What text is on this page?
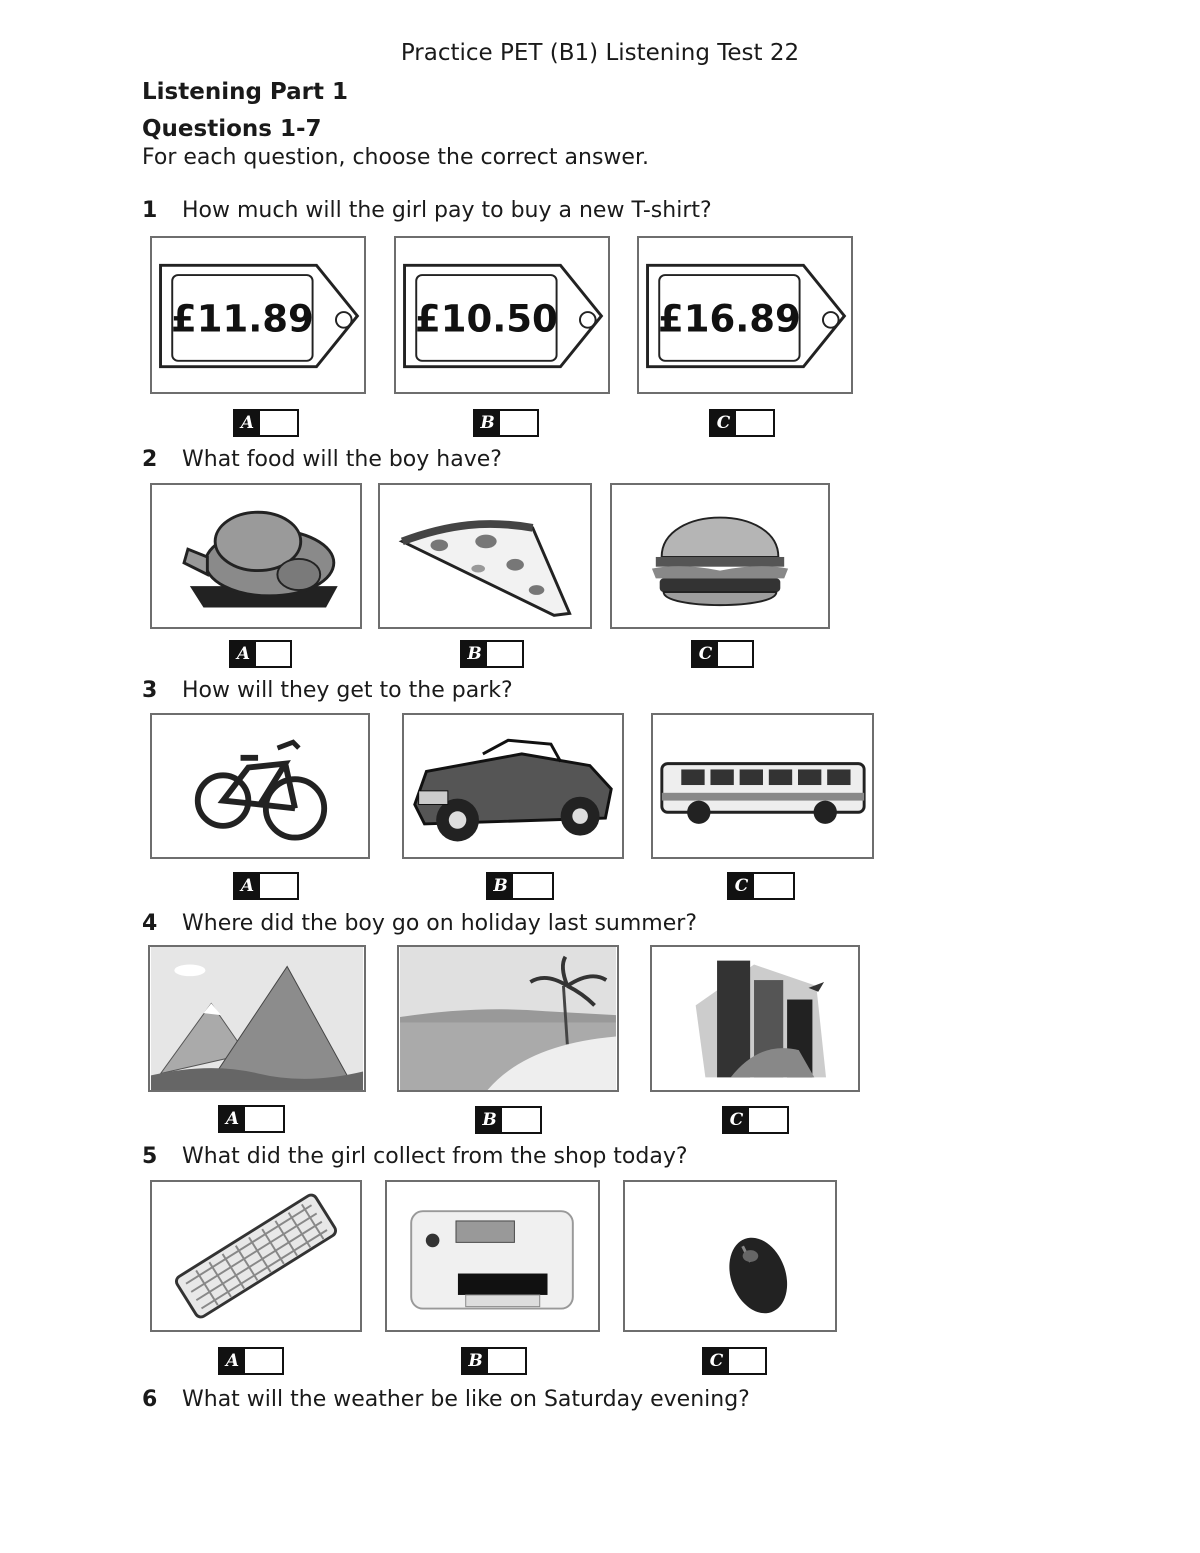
Practice PET (B1) Listening Test 22
Listening Part 1
Questions 1-7
For each question, choose the correct answer.
1 How much will the girl pay to buy a new T-shirt?
£11.89	£10.50	£16.89
A	B	C
2 What food will the boy have?
A	B	C
3 How will they get to the park?
A	B	C
4 Where did the boy go on holiday last summer?
A	B	C
5 What did the girl collect from the shop today?
A	B	C
6 What will the weather be like on Saturday evening?
